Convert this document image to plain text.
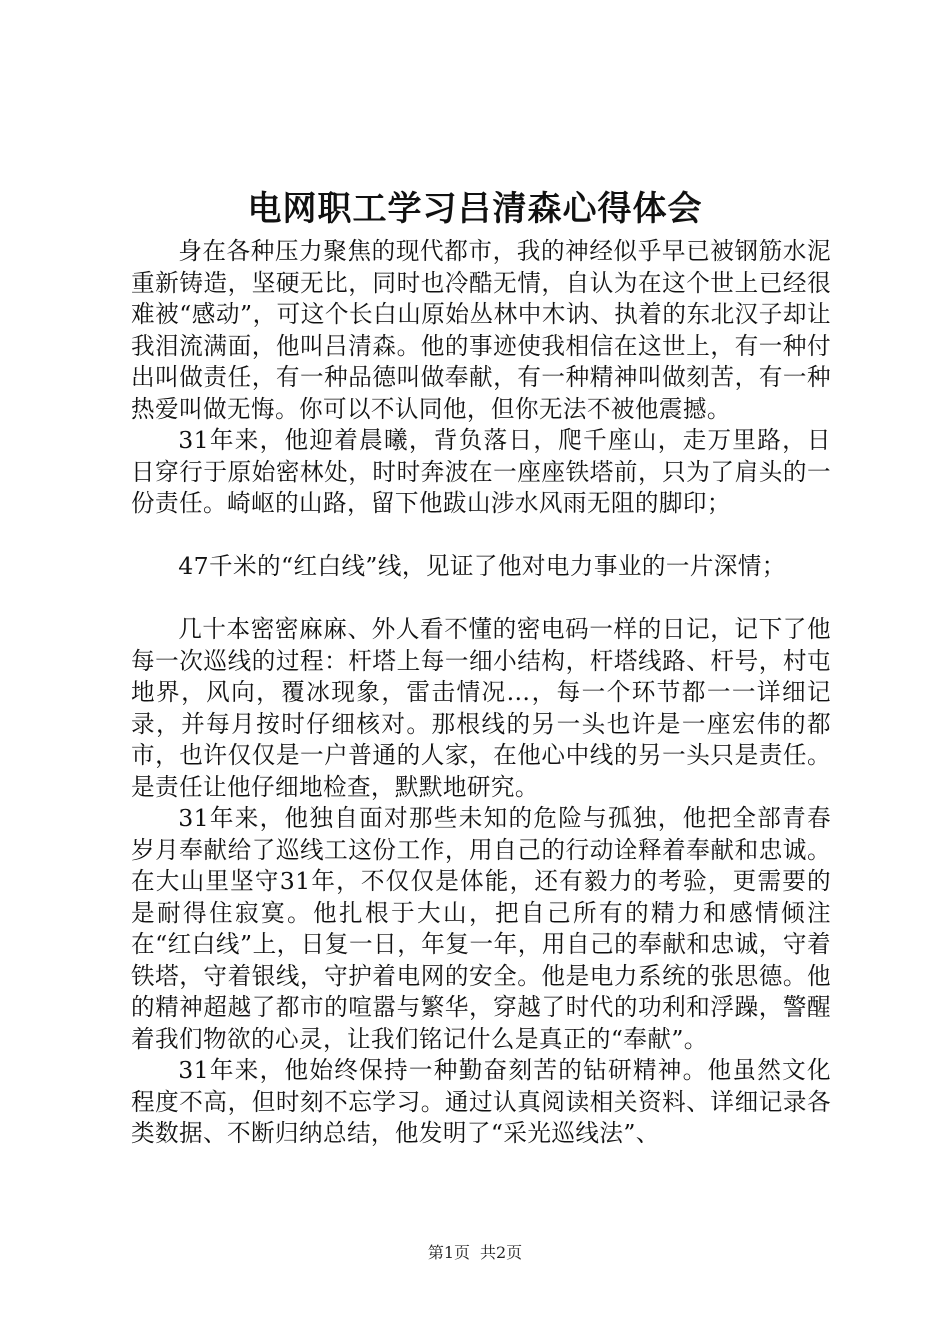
电网职工学习吕清森心得体会

身在各种压力聚焦的现代都市，我的神经似乎早已被钢筋水泥重新铸造，坚硬无比，同时也冷酷无情，自认为在这个世上已经很难被“感动”，可这个长白山原始丛林中木讷、执着的东北汉子却让我泪流满面，他叫吕清森。他的事迹使我相信在这世上，有一种付出叫做责任，有一种品德叫做奉献，有一种精神叫做刻苦，有一种热爱叫做无悔。你可以不认同他，但你无法不被他震撼。

31年来，他迎着晨曦，背负落日，爬千座山，走万里路，日日穿行于原始密林处，时时奔波在一座座铁塔前，只为了肩头的一份责任。崎岖的山路，留下他跋山涉水风雨无阻的脚印；

47千米的“红白线”线，见证了他对电力事业的一片深情；

几十本密密麻麻、外人看不懂的密电码一样的日记，记下了他每一次巡线的过程：杆塔上每一细小结构，杆塔线路、杆号，村屯地界，风向，覆冰现象，雷击情况…，每一个环节都一一详细记录，并每月按时仔细核对。那根线的另一头也许是一座宏伟的都市，也许仅仅是一户普通的人家，在他心中线的另一头只是责任。是责任让他仔细地检查，默默地研究。

31年来，他独自面对那些未知的危险与孤独，他把全部青春岁月奉献给了巡线工这份工作，用自己的行动诠释着奉献和忠诚。在大山里坚守31年，不仅仅是体能，还有毅力的考验，更需要的是耐得住寂寞。他扎根于大山，把自己所有的精力和感情倾注在“红白线”上，日复一日，年复一年，用自己的奉献和忠诚，守着铁塔，守着银线，守护着电网的安全。他是电力系统的张思德。他的精神超越了都市的喧嚣与繁华，穿越了时代的功利和浮躁，警醒着我们物欲的心灵，让我们铭记什么是真正的“奉献”。

31年来，他始终保持一种勤奋刻苦的钻研精神。他虽然文化程度不高，但时刻不忘学习。通过认真阅读相关资料、详细记录各类数据、不断归纳总结，他发明了“采光巡线法”、

第1页 共2页
